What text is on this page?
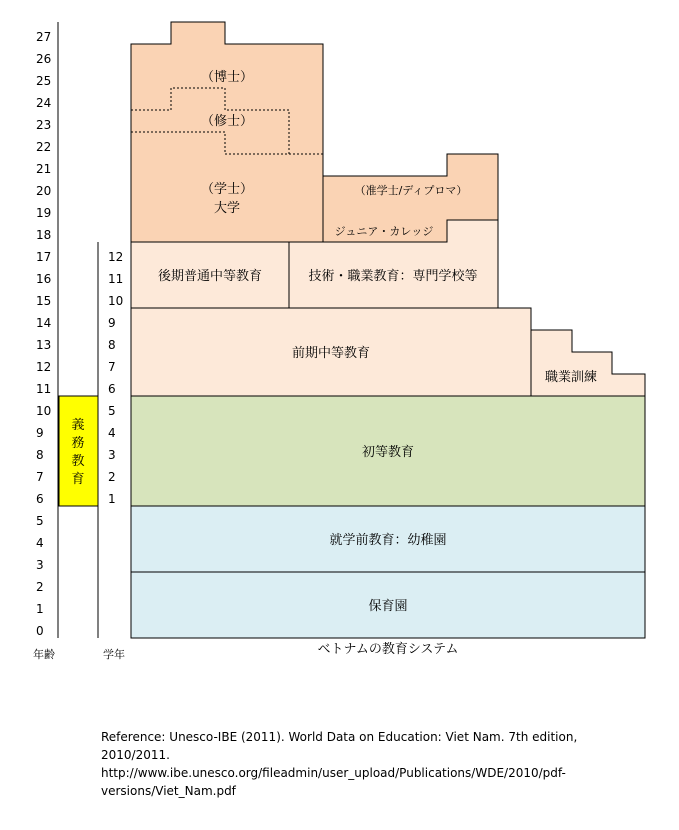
27
26
25
24
23
22
21
20
19
18
17
16
15
14
13
12
11
10
9
8
7
6
5
4
3
2
1
0
12
11
10
9
8
7
6
5
4
3
2
1
義
務
教
育
（博士）
（修士）
（学士）
大学
（准学士/ディプロマ）
ジュニア・カレッジ
後期普通中等教育	技術・職業教育：専門学校等
前期中等教育
職業訓練
初等教育
就学前教育：幼稚園
保育園
年齢	学年	ベトナムの教育システム
Reference: Unesco-IBE (2011). World Data on Education: Viet Nam. 7th edition,
2010/2011.
http://www.ibe.unesco.org/fileadmin/user_upload/Publications/WDE/2010/pdf-
versions/Viet_Nam.pdf
